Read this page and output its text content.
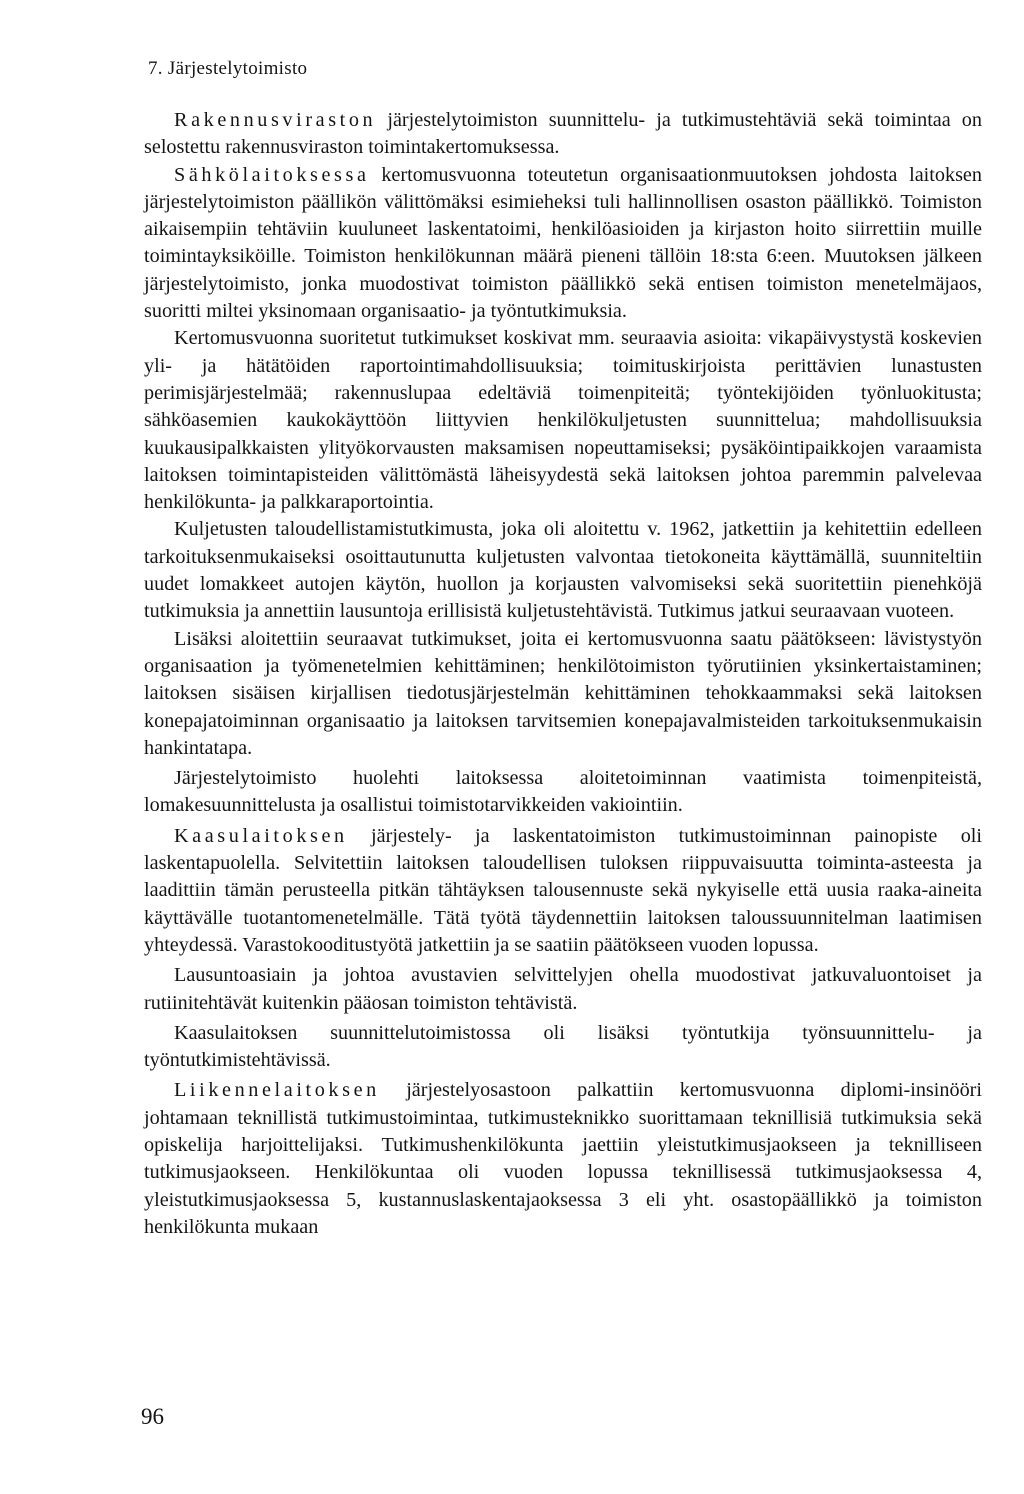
7. Järjestelytoimisto

Rakennusviraston järjestelytoimiston suunnittelu- ja tutkimustehtäviä sekä toimintaa on selostettu rakennusviraston toimintakertomuksessa.

Sähkölaitoksessa kertomusvuonna toteutetun organisaationmuutoksen johdosta laitoksen järjestelytoimiston päällikön välittömäksi esimieheksi tuli hallinnollisen osaston päällikkö. Toimiston aikaisempiin tehtäviin kuuluneet laskentatoimi, henkilöasioiden ja kirjaston hoito siirrettiin muille toimintayksiköille. Toimiston henkilökunnan määrä pieneni tällöin 18:sta 6:een. Muutoksen jälkeen järjestelytoimisto, jonka muodostivat toimiston päällikkö sekä entisen toimiston menetelmäjaos, suoritti miltei yksinomaan organisaatio- ja työntutkimuksia.

Kertomusvuonna suoritetut tutkimukset koskivat mm. seuraavia asioita: vikapäivystystä koskevien yli- ja hätätöiden raportointimahdollisuuksia; toimituskirjoista perittävien lunastusten perimisjärjestelmää; rakennuslupaa edeltäviä toimenpiteitä; työntekijöiden työnluokitusta; sähköasemien kaukokäyttöön liittyvien henkilökuljetusten suunnittelua; mahdollisuuksia kuukausipalkkaisten ylityökorvausten maksamisen nopeuttamiseksi; pysäköintipaikkojen varaamista laitoksen toimintapisteiden välittömästä läheisyydestä sekä laitoksen johtoa paremmin palvelevaa henkilökunta- ja palkkaraportointia.

Kuljetusten taloudellistamistutkimusta, joka oli aloitettu v. 1962, jatkettiin ja kehitettiin edelleen tarkoituksenmukaiseksi osoittautunutta kuljetusten valvontaa tietokoneita käyttämällä, suunniteltiin uudet lomakkeet autojen käytön, huollon ja korjausten valvomiseksi sekä suoritettiin pienehköjä tutkimuksia ja annettiin lausuntoja erillisistä kuljetustehtävistä. Tutkimus jatkui seuraavaan vuoteen.

Lisäksi aloitettiin seuraavat tutkimukset, joita ei kertomusvuonna saatu päätökseen: lävistystyön organisaation ja työmenetelmien kehittäminen; henkilötoimiston työrutiinien yksinkertaistaminen; laitoksen sisäisen kirjallisen tiedotusjärjestelmän kehittäminen tehokkaammaksi sekä laitoksen konepajatoiminnan organisaatio ja laitoksen tarvitsemien konepajavalmisteiden tarkoituksenmukaisin hankintatapa.

Järjestelytoimisto huolehti laitoksessa aloitetoiminnan vaatimista toimenpiteistä, lomakesuunnittelusta ja osallistui toimistotarvikkeiden vakiointiin.

Kaasulaitoksen järjestely- ja laskentatoimiston tutkimustoiminnan painopiste oli laskentapuolella. Selvitettiin laitoksen taloudellisen tuloksen riippuvaisuutta toiminta-asteesta ja laadittiin tämän perusteella pitkän tähtäyksen talousennuste sekä nykyiselle että uusia raaka-aineita käyttävälle tuotantomenetelmälle. Tätä työtä täydennettiin laitoksen taloussuunnitelman laatimisen yhteydessä. Varastokooditustyötä jatkettiin ja se saatiin päätökseen vuoden lopussa.

Lausuntoasiain ja johtoa avustavien selvittelyjen ohella muodostivat jatkuvaluontoiset ja rutiinitehtävät kuitenkin pääosan toimiston tehtävistä.

Kaasulaitoksen suunnittelutoimistossa oli lisäksi työntutkija työnsuunnittelu- ja työntutkimistehtävissä.

Liikennelaitoksen järjestelyosastoon palkattiin kertomusvuonna diplomi-insinööri johtamaan teknillistä tutkimustoimintaa, tutkimusteknikko suorittamaan teknillisiä tutkimuksia sekä opiskelija harjoittelijaksi. Tutkimushenkilökunta jaettiin yleistutkimusjaokseen ja teknilliseen tutkimusjaokseen. Henkilökuntaa oli vuoden lopussa teknillisessä tutkimusjaoksessa 4, yleistutkimusjaoksessa 5, kustannuslaskentajaoksessa 3 eli yht. osastopäällikkö ja toimiston henkilökunta mukaan

96
